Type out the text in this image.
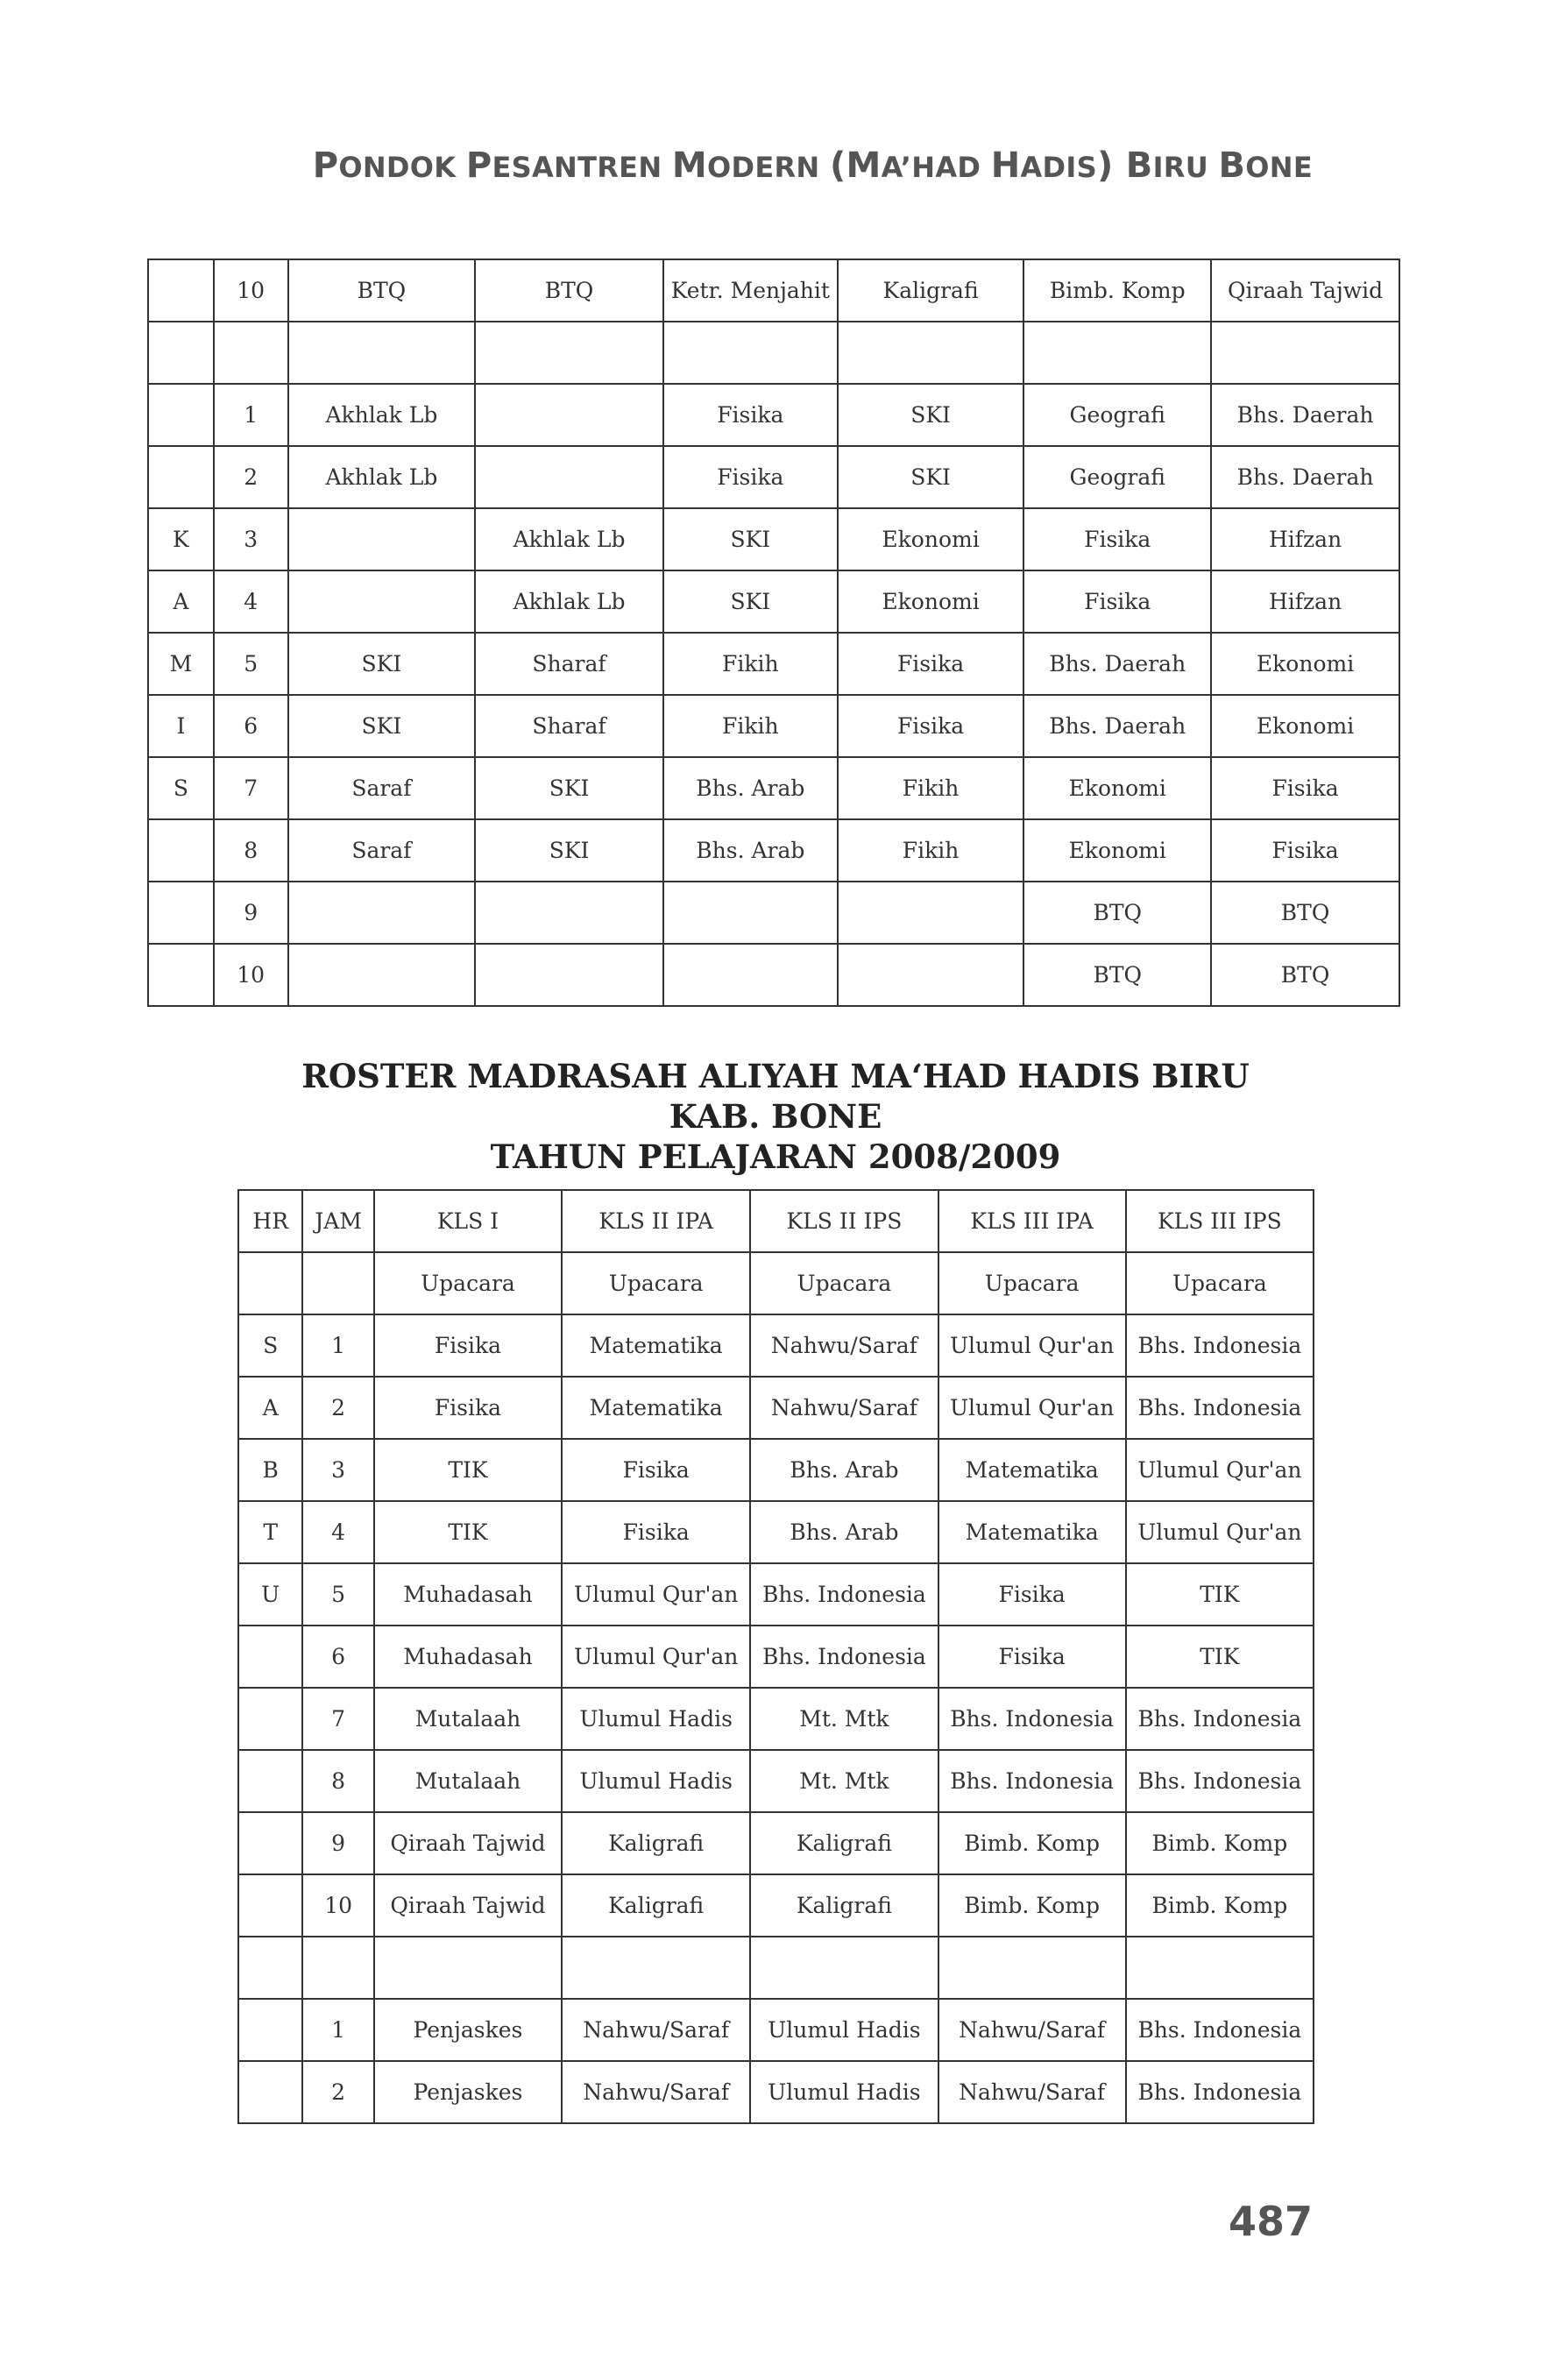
PONDOK PESANTREN MODERN (MA’HAD HADIS) BIRU BONE
	10	BTQ	BTQ	Ketr. Menjahit	Kaligrafi	Bimb. Komp	Qiraah Tajwid

	1	Akhlak Lb		Fisika	SKI	Geografi	Bhs. Daerah
	2	Akhlak Lb		Fisika	SKI	Geografi	Bhs. Daerah
K	3		Akhlak Lb	SKI	Ekonomi	Fisika	Hifzan
A	4		Akhlak Lb	SKI	Ekonomi	Fisika	Hifzan
M	5	SKI	Sharaf	Fikih	Fisika	Bhs. Daerah	Ekonomi
I	6	SKI	Sharaf	Fikih	Fisika	Bhs. Daerah	Ekonomi
S	7	Saraf	SKI	Bhs. Arab	Fikih	Ekonomi	Fisika
	8	Saraf	SKI	Bhs. Arab	Fikih	Ekonomi	Fisika
	9					BTQ	BTQ
	10					BTQ	BTQ
ROSTER MADRASAH ALIYAH MA‘HAD HADIS BIRU
KAB. BONE
TAHUN PELAJARAN 2008/2009
HR	JAM	KLS I	KLS II IPA	KLS II IPS	KLS III IPA	KLS III IPS
		Upacara	Upacara	Upacara	Upacara	Upacara
S	1	Fisika	Matematika	Nahwu/Saraf	Ulumul Qur'an	Bhs. Indonesia
A	2	Fisika	Matematika	Nahwu/Saraf	Ulumul Qur'an	Bhs. Indonesia
B	3	TIK	Fisika	Bhs. Arab	Matematika	Ulumul Qur'an
T	4	TIK	Fisika	Bhs. Arab	Matematika	Ulumul Qur'an
U	5	Muhadasah	Ulumul Qur'an	Bhs. Indonesia	Fisika	TIK
	6	Muhadasah	Ulumul Qur'an	Bhs. Indonesia	Fisika	TIK
	7	Mutalaah	Ulumul Hadis	Mt. Mtk	Bhs. Indonesia	Bhs. Indonesia
	8	Mutalaah	Ulumul Hadis	Mt. Mtk	Bhs. Indonesia	Bhs. Indonesia
	9	Qiraah Tajwid	Kaligrafi	Kaligrafi	Bimb. Komp	Bimb. Komp
	10	Qiraah Tajwid	Kaligrafi	Kaligrafi	Bimb. Komp	Bimb. Komp

	1	Penjaskes	Nahwu/Saraf	Ulumul Hadis	Nahwu/Saraf	Bhs. Indonesia
	2	Penjaskes	Nahwu/Saraf	Ulumul Hadis	Nahwu/Saraf	Bhs. Indonesia
487
